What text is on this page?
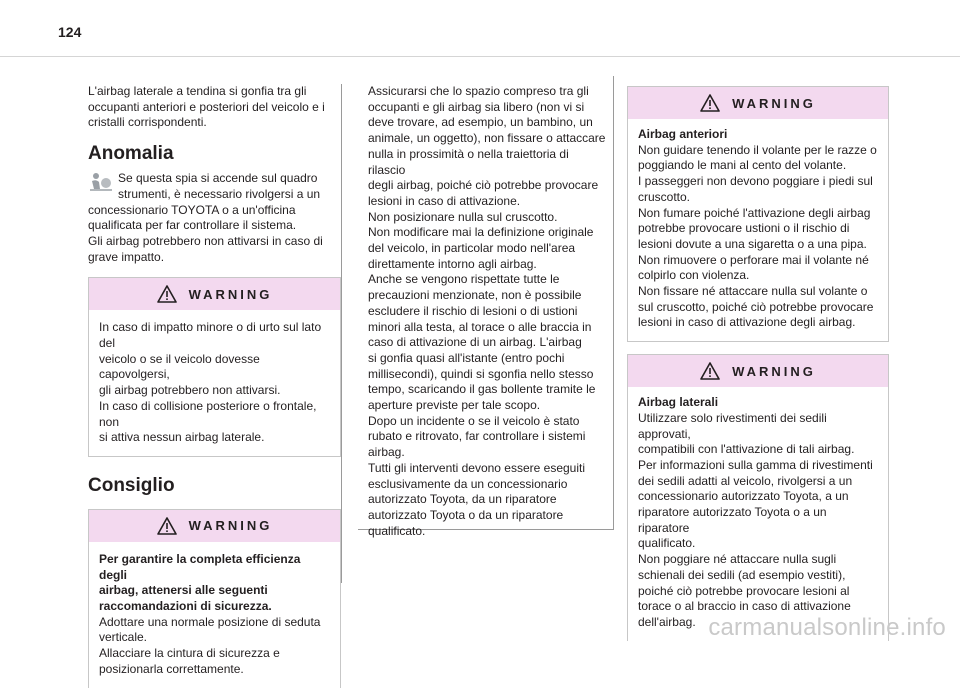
124

L'airbag laterale a tendina si gonfia tra gli
occupanti anteriori e posteriori del veicolo e i
cristalli corrispondenti.

Anomalia

Se questa spia si accende sul quadro
strumenti, è necessario rivolgersi a un

concessionario TOYOTA o a un'officina
qualificata per far controllare il sistema.
Gli airbag potrebbero non attivarsi in caso di
grave impatto.

WARNING

In caso di impatto minore o di urto sul lato del
veicolo o se il veicolo dovesse capovolgersi,
gli airbag potrebbero non attivarsi.
In caso di collisione posteriore o frontale, non
si attiva nessun airbag laterale.

Consiglio
WARNING

Per garantire la completa efficienza degli
airbag, attenersi alle seguenti
raccomandazioni di sicurezza.

Adottare una normale posizione di seduta
verticale.
Allacciare la cintura di sicurezza e
posizionarla correttamente.

Assicurarsi che lo spazio compreso tra gli
occupanti e gli airbag sia libero (non vi si
deve trovare, ad esempio, un bambino, un
animale, un oggetto), non fissare o attaccare
nulla in prossimità o nella traiettoria di rilascio
degli airbag, poiché ciò potrebbe provocare
lesioni in caso di attivazione.
Non posizionare nulla sul cruscotto.
Non modificare mai la definizione originale
del veicolo, in particolar modo nell'area
direttamente intorno agli airbag.
Anche se vengono rispettate tutte le
precauzioni menzionate, non è possibile
escludere il rischio di lesioni o di ustioni
minori alla testa, al torace o alle braccia in
caso di attivazione di un airbag. L'airbag
si gonfia quasi all'istante (entro pochi
millisecondi), quindi si sgonfia nello stesso
tempo, scaricando il gas bollente tramite le
aperture previste per tale scopo.
Dopo un incidente o se il veicolo è stato
rubato e ritrovato, far controllare i sistemi
airbag.
Tutti gli interventi devono essere eseguiti
esclusivamente da un concessionario
autorizzato Toyota, da un riparatore
autorizzato Toyota o da un riparatore
qualificato.

WARNING

Airbag anteriori

Non guidare tenendo il volante per le razze o
poggiando le mani al cento del volante.
I passeggeri non devono poggiare i piedi sul
cruscotto.
Non fumare poiché l'attivazione degli airbag
potrebbe provocare ustioni o il rischio di
lesioni dovute a una sigaretta o a una pipa.
Non rimuovere o perforare mai il volante né
colpirlo con violenza.
Non fissare né attaccare nulla sul volante o
sul cruscotto, poiché ciò potrebbe provocare
lesioni in caso di attivazione degli airbag.

WARNING

Airbag laterali

Utilizzare solo rivestimenti dei sedili approvati,
compatibili con l'attivazione di tali airbag.
Per informazioni sulla gamma di rivestimenti
dei sedili adatti al veicolo, rivolgersi a un
concessionario autorizzato Toyota, a un
riparatore autorizzato Toyota o a un riparatore
qualificato.
Non poggiare né attaccare nulla sugli
schienali dei sedili (ad esempio vestiti),
poiché ciò potrebbe provocare lesioni al
torace o al braccio in caso di attivazione
dell'airbag. carmanualsonline.info
